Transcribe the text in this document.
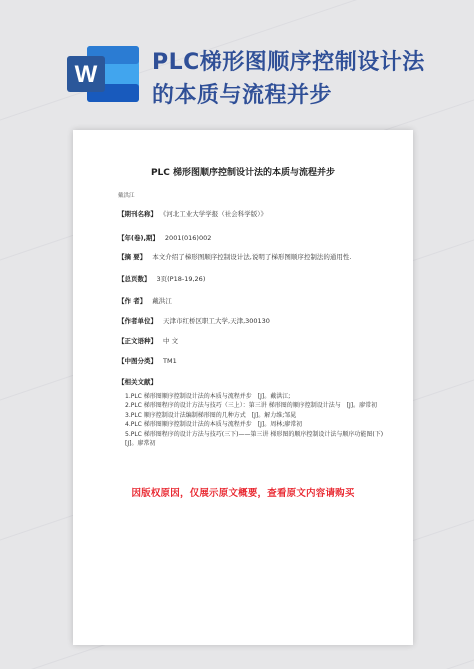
W PLC梯形图顺序控制设计法
的本质与流程并步
PLC 梯形图顺序控制设计法的本质与流程并步
戴洪江
【期刊名称】 《河北工业大学学报（社会科学版）》
【年(卷),期】 2001(016)002
【摘 要】 本文介绍了梯形图顺序控制设计法,说明了梯形图顺序控制法的通用性.
【总页数】 3页(P18-19,26)
【作 者】 戴洪江
【作者单位】 天津市红桥区职工大学,天津,300130
【正文语种】 中 文
【中图分类】 TM1
【相关文献】
1.PLC 梯形图顺序控制设计法的本质与流程并步　[J]。戴洪江;
2.PLC 梯形图程序的设计方法与技巧（三上）：第三讲 梯形图的顺序控制设计法与　[J]。廖常初
3.PLC 顺序控制设计法编制梯形图的几种方式　[J]。解力维;邹晁
4.PLC 梯形图顺序控制设计法的本质与流程并步　[J]。周林;廖常初
5.PLC 梯形图程序的设计方法与技巧(三下)——第三讲 梯形图的顺序控制设计法与顺序功能图(下)　[J]。廖常初
因版权原因，仅展示原文概要，查看原文内容请购买
